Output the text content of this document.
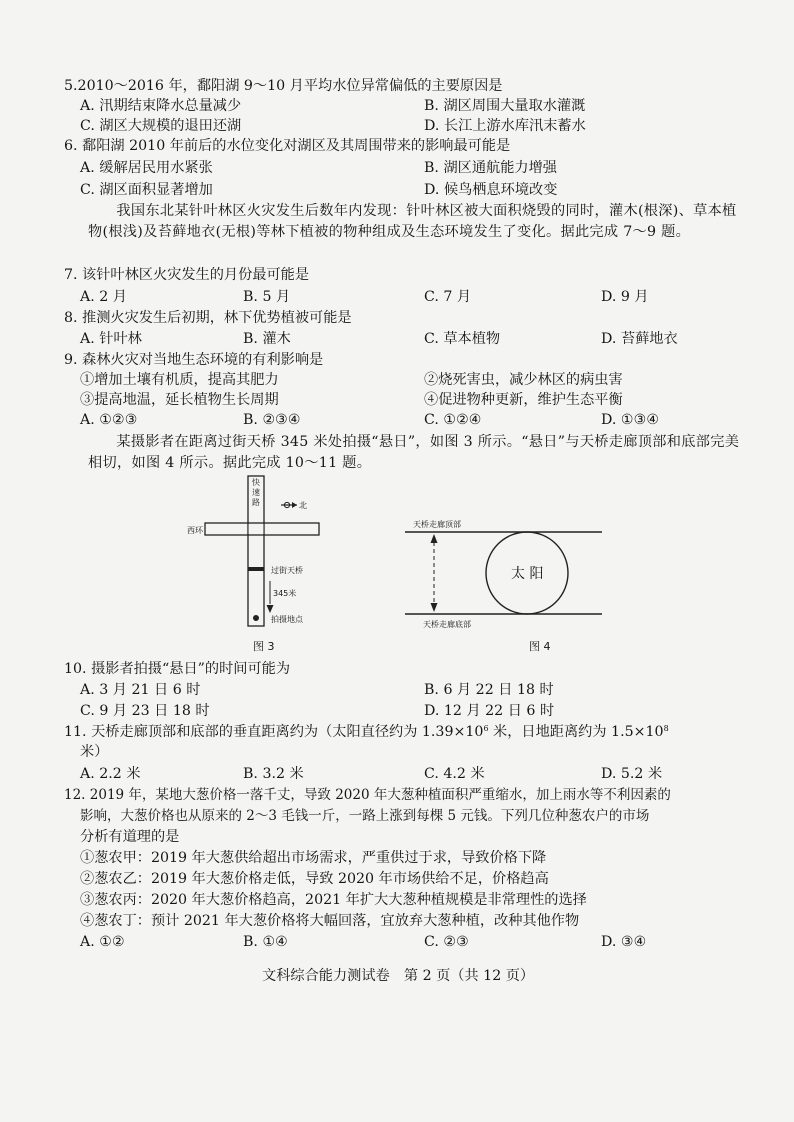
5.2010～2016 年，鄱阳湖 9～10 月平均水位异常偏低的主要原因是
A. 汛期结束降水总量减少	B. 湖区周围大量取水灌溉
C. 湖区大规模的退田还湖	D. 长江上游水库汛末蓄水
6. 鄱阳湖 2010 年前后的水位变化对湖区及其周围带来的影响最可能是
A. 缓解居民用水紧张	B. 湖区通航能力增强
C. 湖区面积显著增加	D. 候鸟栖息环境改变
我国东北某针叶林区火灾发生后数年内发现：针叶林区被大面积烧毁的同时，灌木(根深)、草本植物(根浅)及苔藓地衣(无根)等林下植被的物种组成及生态环境发生了变化。据此完成 7～9 题。
7. 该针叶林区火灾发生的月份最可能是
A. 2 月	B. 5 月	C. 7 月	D. 9 月
8. 推测火灾发生后初期，林下优势植被可能是
A. 针叶林	B. 灌木	C. 草本植物	D. 苔藓地衣
9. 森林火灾对当地生态环境的有利影响是
①增加土壤有机质，提高其肥力	②烧死害虫，减少林区的病虫害
③提高地温，延长植物生长周期	④促进物种更新，维护生态平衡
A. ①②③	B. ②③④	C. ①②④	D. ①③④
某摄影者在距离过街天桥 345 米处拍摄“悬日”，如图 3 所示。“悬日”与天桥走廊顶部和底部完美相切，如图 4 所示。据此完成 10～11 题。
快速路
西环
北
过街天桥
345米
拍摄地点
图 3
天桥走廊顶部
天桥走廊底部
太 阳
图 4
10. 摄影者拍摄“悬日”的时间可能为
A. 3 月 21 日 6 时	B. 6 月 22 日 18 时
C. 9 月 23 日 18 时	D. 12 月 22 日 6 时
11. 天桥走廊顶部和底部的垂直距离约为（太阳直径约为 $1.39\times 10^6$ 米，日地距离约为 $1.5\times 10^8$
米）
A. 2.2 米	B. 3.2 米	C. 4.2 米	D. 5.2 米
12. 2019 年，某地大葱价格一落千丈，导致 2020 年大葱种植面积严重缩水，加上雨水等不利因素的
影响，大葱价格也从原来的 2～3 毛钱一斤，一路上涨到每棵 5 元钱。下列几位种葱农户的市场
分析有道理的是
①葱农甲：2019 年大葱供给超出市场需求，严重供过于求，导致价格下降
②葱农乙：2019 年大葱价格走低，导致 2020 年市场供给不足，价格趋高
③葱农丙：2020 年大葱价格趋高，2021 年扩大大葱种植规模是非常理性的选择
④葱农丁：预计 2021 年大葱价格将大幅回落，宜放弃大葱种植，改种其他作物
A. ①②	B. ①④	C. ②③	D. ③④
文科综合能力测试卷　第 2 页（共 12 页）
